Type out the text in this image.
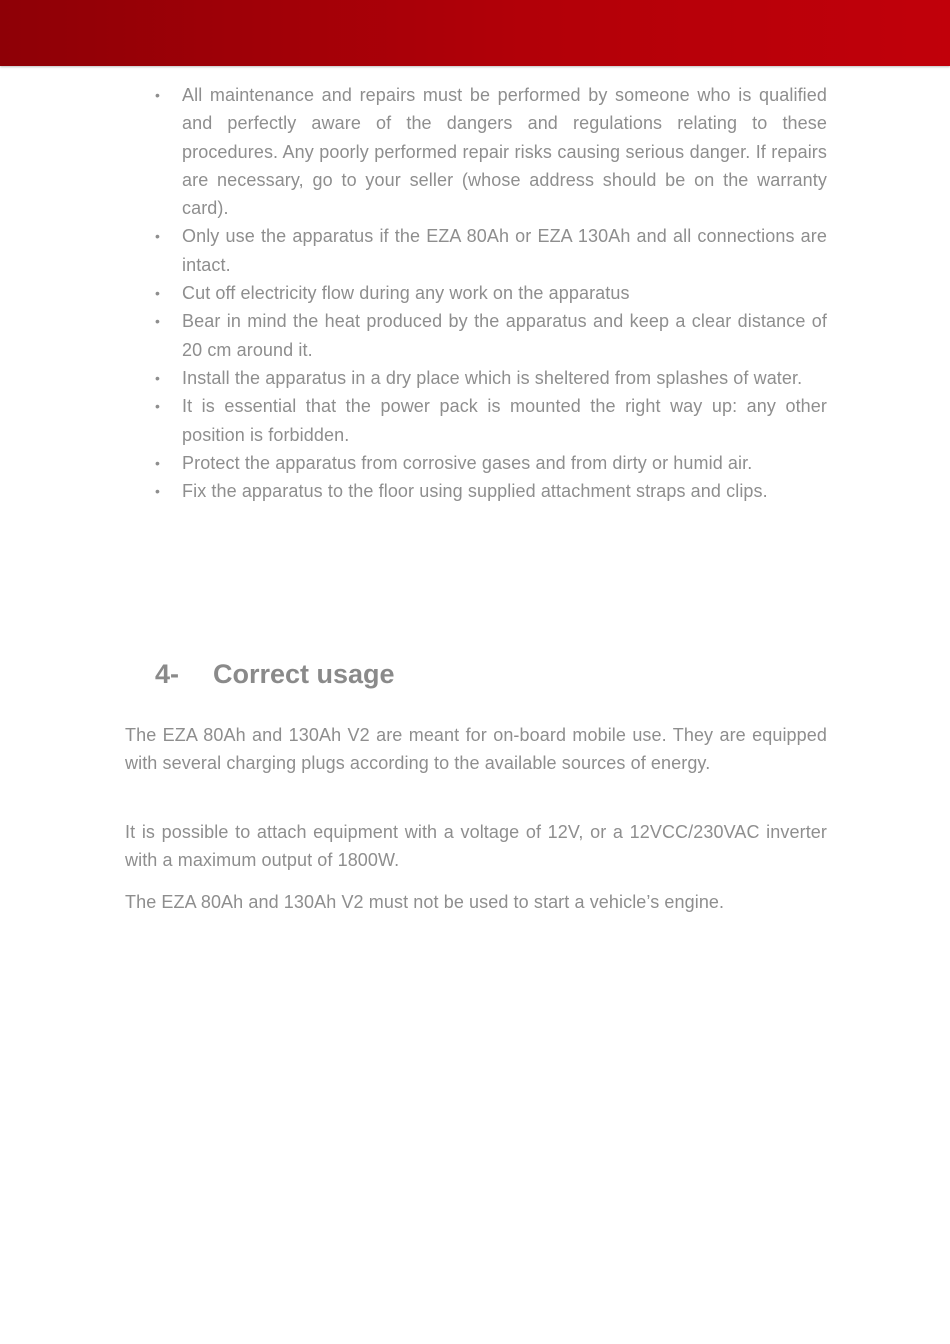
•	All maintenance and repairs must be performed by someone who is qualified and perfectly aware of the dangers and regulations relating to these procedures. Any poorly performed repair risks causing serious danger. If repairs are necessary, go to your seller (whose address should be on the warranty card).
•	Only use the apparatus if the EZA 80Ah or EZA 130Ah and all connections are intact.
•	Cut off electricity flow during any work on the apparatus
•	Bear in mind the heat produced by the apparatus and keep a clear distance of 20 cm around it.
•	Install the apparatus in a dry place which is sheltered from splashes of water.
•	It is essential that the power pack is mounted the right way up: any other position is forbidden.
•	Protect the apparatus from corrosive gases and from dirty or humid air.
•	Fix the apparatus to the floor using supplied attachment straps and clips.
4- Correct usage

The EZA 80Ah and 130Ah V2 are meant for on-board mobile use. They are equipped with several charging plugs according to the available sources of energy.

It is possible to attach equipment with a voltage of 12V, or a 12VCC/230VAC inverter with a maximum output of 1800W.

The EZA 80Ah and 130Ah V2 must not be used to start a vehicle’s engine.
